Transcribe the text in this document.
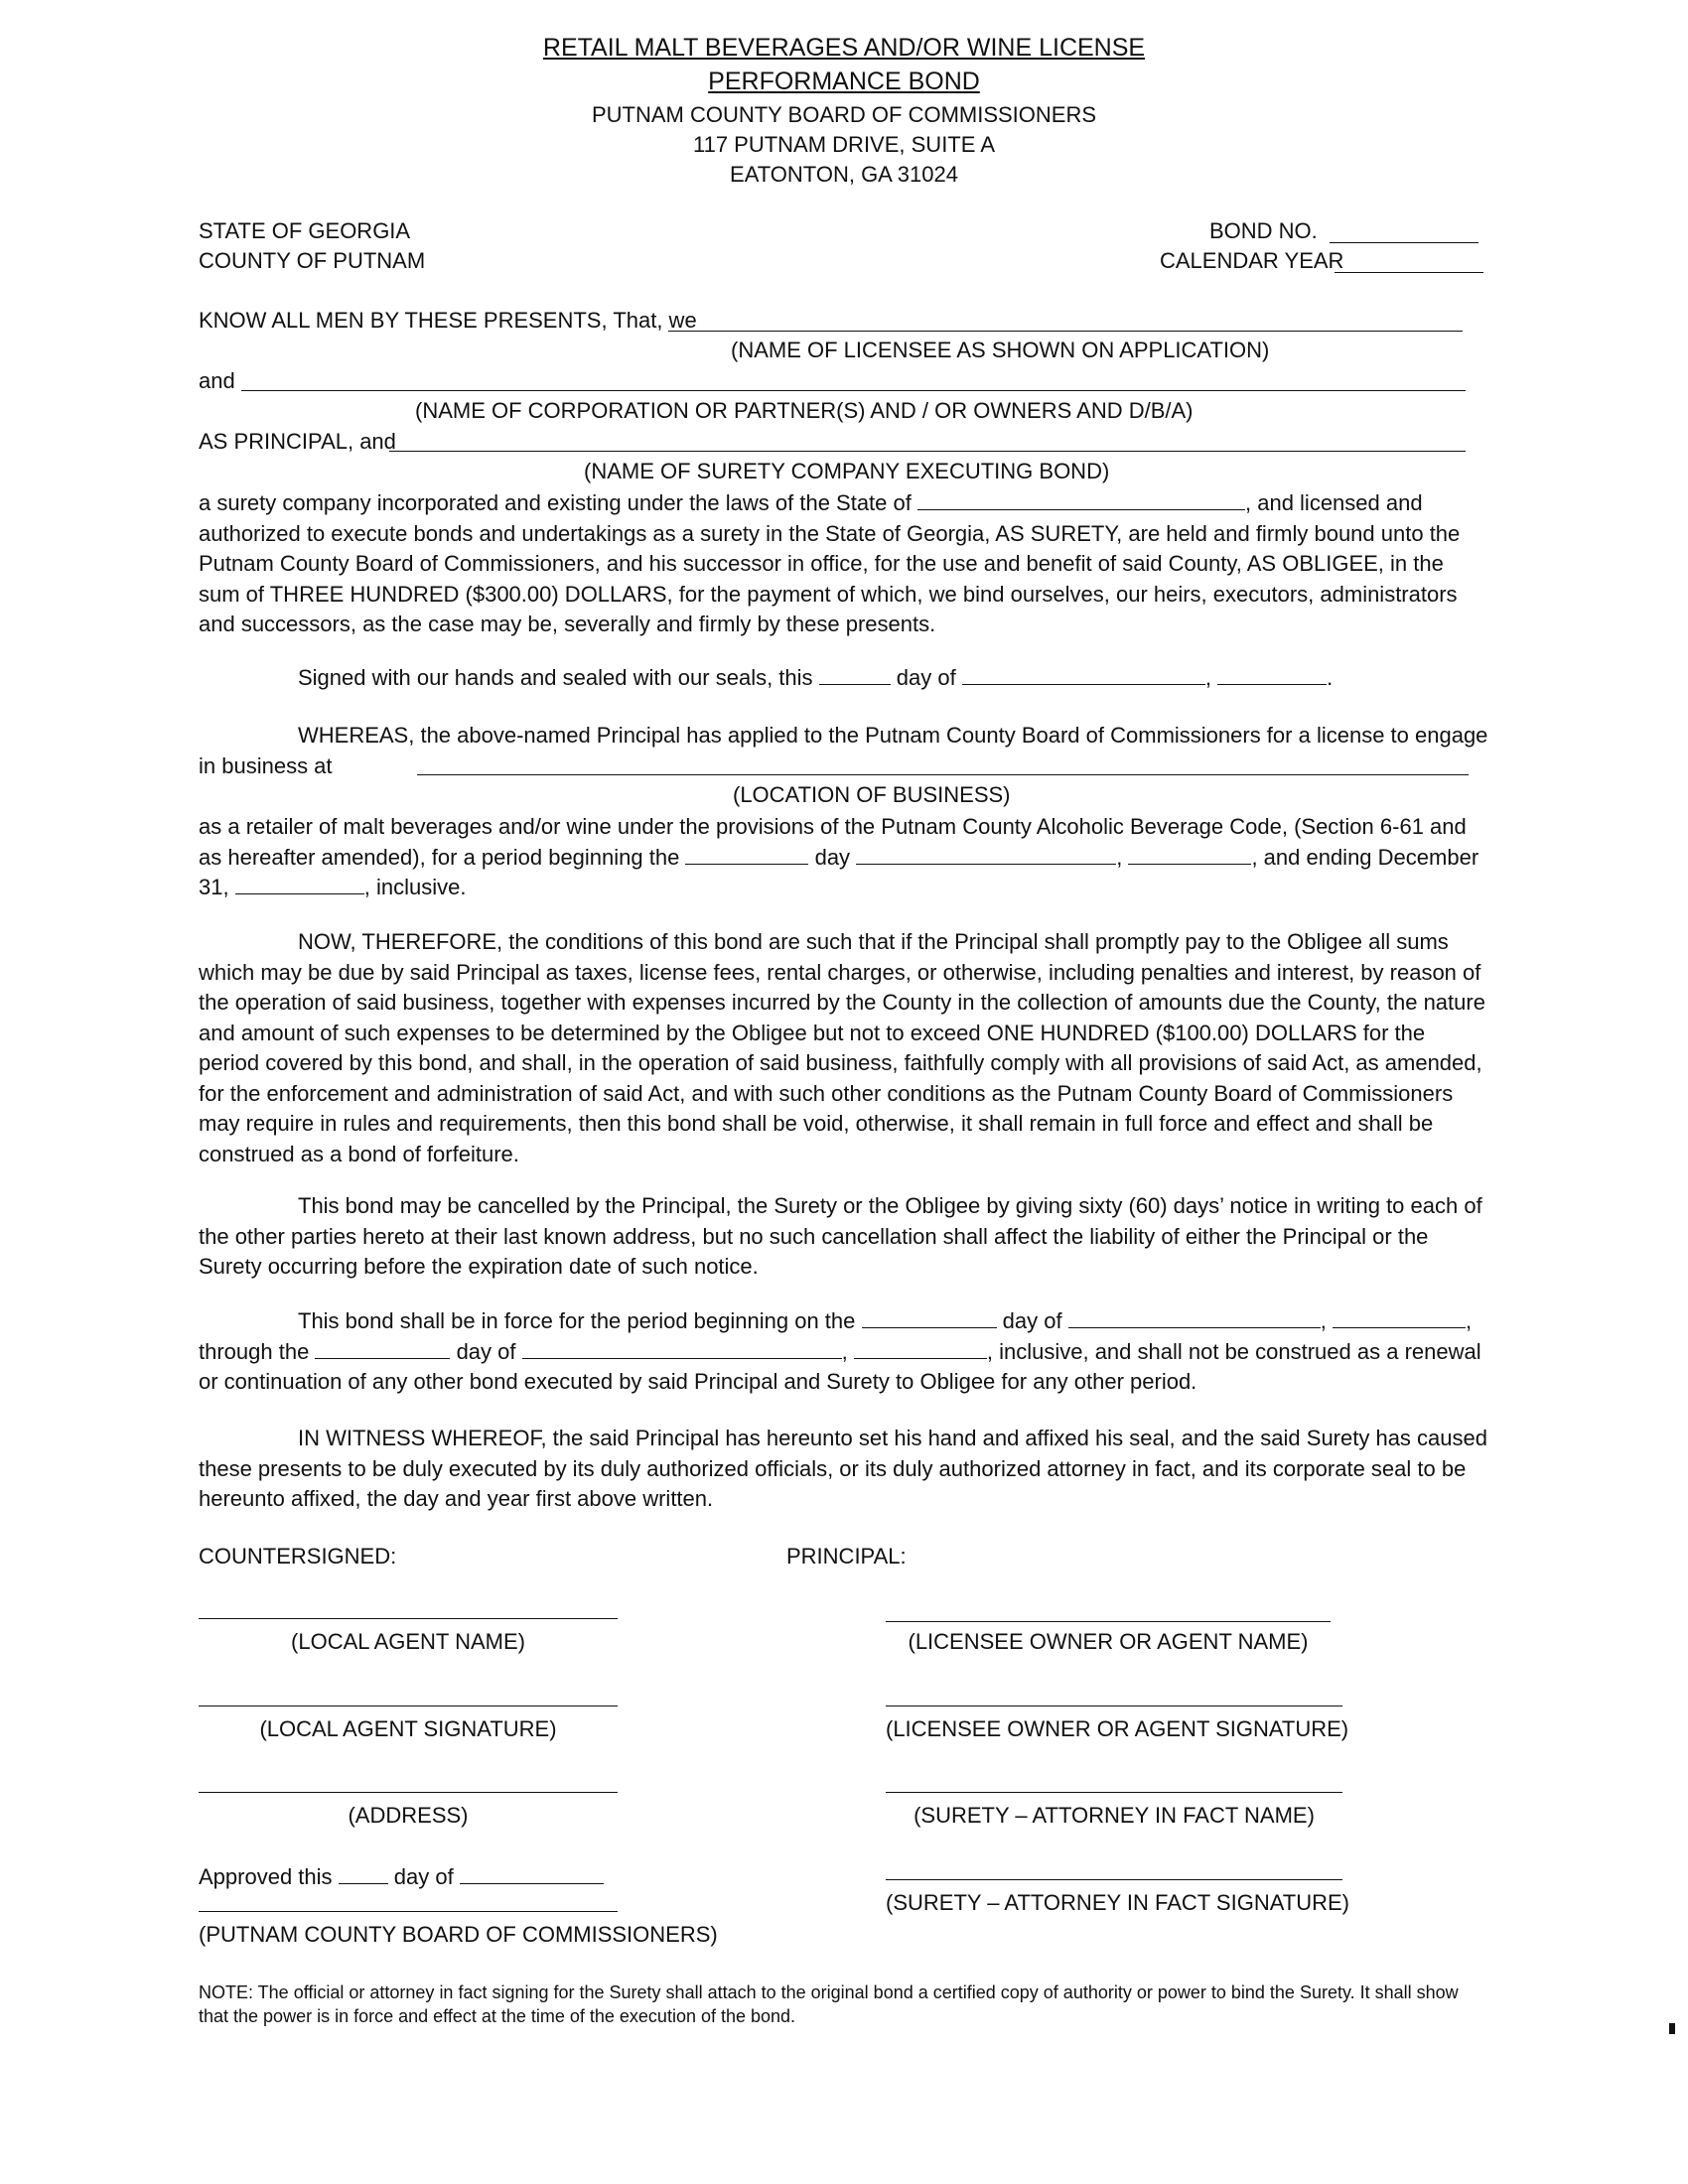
RETAIL MALT BEVERAGES AND/OR WINE LICENSE
PERFORMANCE BOND
PUTNAM COUNTY BOARD OF COMMISSIONERS
117 PUTNAM DRIVE, SUITE A
EATONTON, GA 31024
STATE OF GEORGIA
COUNTY OF PUTNAM
BOND NO.
CALENDAR YEAR
KNOW ALL MEN BY THESE PRESENTS, That, we
(NAME OF LICENSEE AS SHOWN ON APPLICATION)
and
(NAME OF CORPORATION OR PARTNER(S) AND / OR OWNERS AND D/B/A)
AS PRINCIPAL, and
(NAME OF SURETY COMPANY EXECUTING BOND)
a surety company incorporated and existing under the laws of the State of	, and licensed and authorized to execute bonds and undertakings as a surety in the State of Georgia, AS SURETY, are held and firmly bound unto the Putnam County Board of Commissioners, and his successor in office, for the use and benefit of said County, AS OBLIGEE, in the sum of THREE HUNDRED ($300.00) DOLLARS, for the payment of which, we bind ourselves, our heirs, executors, administrators and successors, as the case may be, severally and firmly by these presents.
Signed with our hands and sealed with our seals, this	day of	,	.
WHEREAS, the above-named Principal has applied to the Putnam County Board of Commissioners for a license to engage in business at
(LOCATION OF BUSINESS)
as a retailer of malt beverages and/or wine under the provisions of the Putnam County Alcoholic Beverage Code, (Section 6-61 and as hereafter amended), for a period beginning the	day	,	, and ending December 31,	, inclusive.
NOW, THEREFORE, the conditions of this bond are such that if the Principal shall promptly pay to the Obligee all sums which may be due by said Principal as taxes, license fees, rental charges, or otherwise, including penalties and interest, by reason of the operation of said business, together with expenses incurred by the County in the collection of amounts due the County, the nature and amount of such expenses to be determined by the Obligee but not to exceed ONE HUNDRED ($100.00) DOLLARS for the period covered by this bond, and shall, in the operation of said business, faithfully comply with all provisions of said Act, as amended, for the enforcement and administration of said Act, and with such other conditions as the Putnam County Board of Commissioners may require in rules and requirements, then this bond shall be void, otherwise, it shall remain in full force and effect and shall be construed as a bond of forfeiture.
This bond may be cancelled by the Principal, the Surety or the Obligee by giving sixty (60) days’ notice in writing to each of the other parties hereto at their last known address, but no such cancellation shall affect the liability of either the Principal or the Surety occurring before the expiration date of such notice.
This bond shall be in force for the period beginning on the	day of	,	, through the	day of	,	, inclusive, and shall not be construed as a renewal or continuation of any other bond executed by said Principal and Surety to Obligee for any other period.
IN WITNESS WHEREOF, the said Principal has hereunto set his hand and affixed his seal, and the said Surety has caused these presents to be duly executed by its duly authorized officials, or its duly authorized attorney in fact, and its corporate seal to be hereunto affixed, the day and year first above written.
COUNTERSIGNED:	PRINCIPAL:
(LOCAL AGENT NAME)
(LOCAL AGENT SIGNATURE)
(ADDRESS)
Approved this	day of
(PUTNAM COUNTY BOARD OF COMMISSIONERS)
(LICENSEE OWNER OR AGENT NAME)
(LICENSEE OWNER OR AGENT SIGNATURE)
(SURETY – ATTORNEY IN FACT NAME)
(SURETY – ATTORNEY IN FACT SIGNATURE)
NOTE: The official or attorney in fact signing for the Surety shall attach to the original bond a certified copy of authority or power to bind the Surety. It shall show that the power is in force and effect at the time of the execution of the bond.
